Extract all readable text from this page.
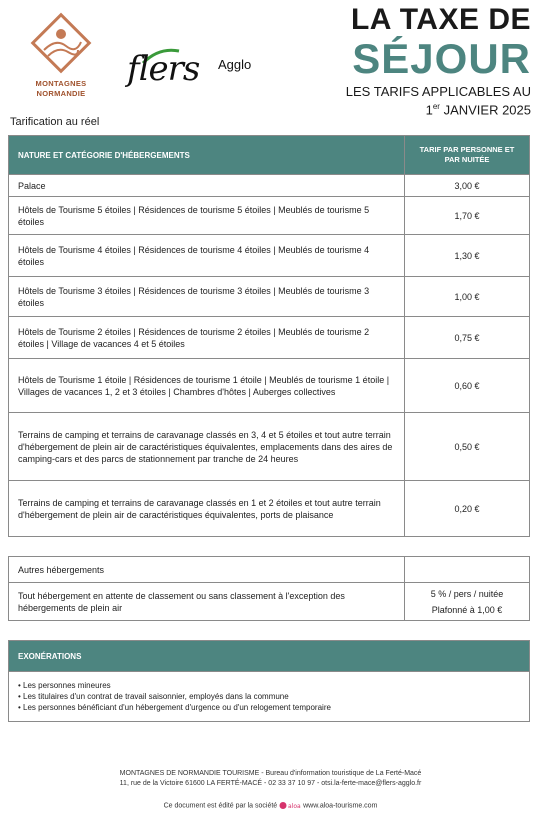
MONTAGNES
NORMANDIE
flers Agglo
LA TAXE DE
SÉJOUR
LES TARIFS APPLICABLES AU
1er JANVIER 2025
Tarification au réel
NATURE ET CATÉGORIE D'HÉBERGEMENTS	TARIF PAR PERSONNE ET PAR NUITÉE
Palace	3,00 €
Hôtels de Tourisme 5 étoiles | Résidences de tourisme 5 étoiles | Meublés de tourisme 5 étoiles	1,70 €
Hôtels de Tourisme 4 étoiles | Résidences de tourisme 4 étoiles | Meublés de tourisme 4 étoiles	1,30 €
Hôtels de Tourisme 3 étoiles | Résidences de tourisme 3 étoiles | Meublés de tourisme 3 étoiles	1,00 €
Hôtels de Tourisme 2 étoiles | Résidences de tourisme 2 étoiles | Meublés de tourisme 2 étoiles | Village de vacances 4 et 5 étoiles	0,75 €
Hôtels de Tourisme 1 étoile | Résidences de tourisme 1 étoile | Meublés de tourisme 1 étoile | Villages de vacances 1, 2 et 3 étoiles | Chambres d'hôtes | Auberges collectives	0,60 €
Terrains de camping et terrains de caravanage classés en 3, 4 et 5 étoiles et tout autre terrain d'hébergement de plein air de caractéristiques équivalentes, emplacements dans des aires de camping-cars et des parcs de stationnement par tranche de 24 heures	0,50 €
Terrains de camping et terrains de caravanage classés en 1 et 2 étoiles et tout autre terrain d'hébergement de plein air de caractéristiques équivalentes, ports de plaisance	0,20 €
Autres hébergements	
Tout hébergement en attente de classement ou sans classement à l'exception des hébergements de plein air	5 % / pers / nuitée
Plafonné à 1,00 €
EXONÉRATIONS

• Les personnes mineures
• Les titulaires d'un contrat de travail saisonnier, employés dans la commune
• Les personnes bénéficiant d'un hébergement d'urgence ou d'un relogement temporaire
MONTAGNES DE NORMANDIE TOURISME - Bureau d'information touristique de La Ferté-Macé
11, rue de la Victoire 61600 LA FERTÉ-MACÉ - 02 33 37 10 97 - otsi.la-ferte-mace@flers-agglo.fr
Ce document est édité par la société aloa www.aloa-tourisme.com
